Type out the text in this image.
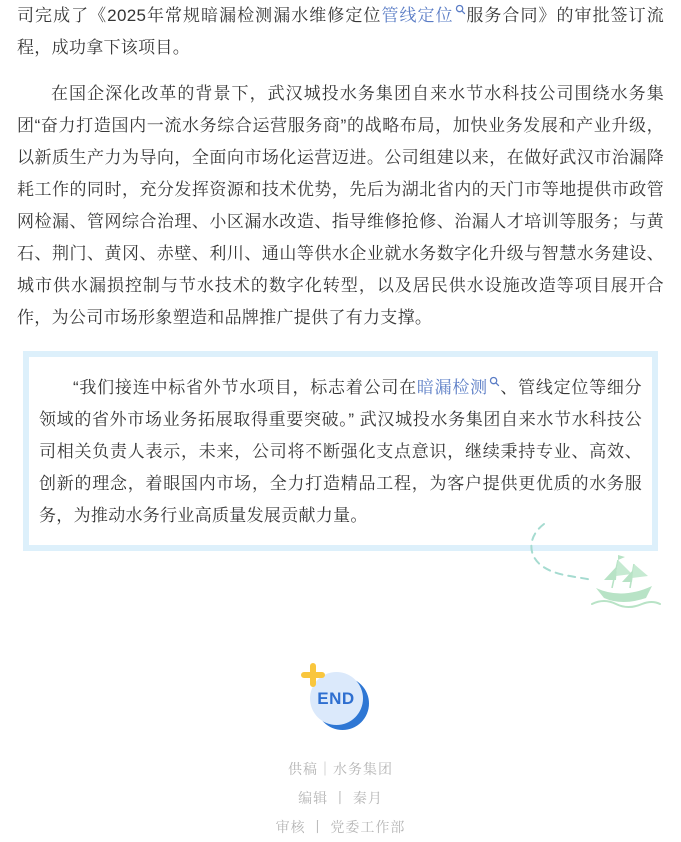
司完成了《2025年常规暗漏检测漏水维修定位管线定位 服务合同》的审批签订流程，成功拿下该项目。

在国企深化改革的背景下，武汉城投水务集团自来水节水科技公司围绕水务集团“奋力打造国内一流水务综合运营服务商”的战略布局，加快业务发展和产业升级，以新质生产力为导向，全面向市场化运营迈进。公司组建以来，在做好武汉市治漏降耗工作的同时，充分发挥资源和技术优势，先后为湖北省内的天门市等地提供市政管网检漏、管网综合治理、小区漏水改造、指导维修抢修、治漏人才培训等服务；与黄石、荆门、黄冈、赤壁、利川、通山等供水企业就水务数字化升级与智慧水务建设、城市供水漏损控制与节水技术的数字化转型，以及居民供水设施改造等项目展开合作，为公司市场形象塑造和品牌推广提供了有力支撑。

“我们接连中标省外节水项目，标志着公司在暗漏检测 、管线定位等细分领域的省外市场业务拓展取得重要突破。” 武汉城投水务集团自来水节水科技公司相关负责人表示，未来，公司将不断强化支点意识，继续秉持专业、高效、创新的理念，着眼国内市场，全力打造精品工程，为客户提供更优质的水务服务，为推动水务行业高质量发展贡献力量。

END
供稿｜水务集团
编辑 丨 秦月
审核 丨 党委工作部
